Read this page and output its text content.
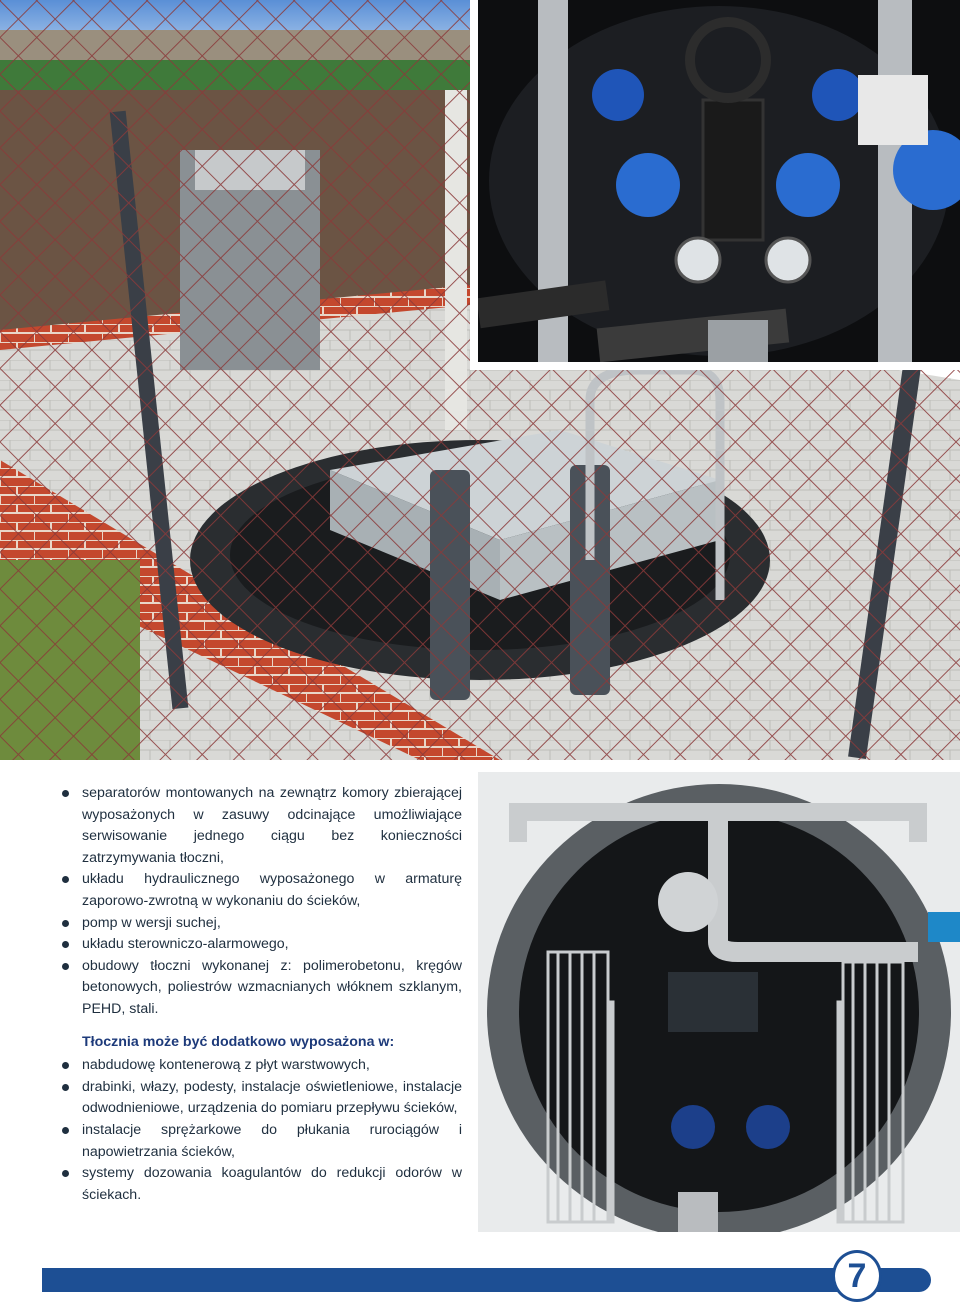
separatorów montowanych na zewnątrz komory zbierającej wyposażonych w zasuwy odcinające umożliwiające serwisowanie jednego ciągu bez konieczności zatrzymywania tłoczni,
układu hydraulicznego wyposażonego w armaturę zaporowo-zwrotną w wykonaniu do ścieków,
pomp w wersji suchej,
układu sterowniczo-alarmowego,
obudowy tłoczni wykonanej z: polimerobetonu, kręgów betonowych, poliestrów wzmacnianych włóknem szklanym, PEHD, stali.
Tłocznia może być dodatkowo wyposażona w:
nabdudowę kontenerową z płyt warstwowych,
drabinki, włazy, podesty, instalacje oświetleniowe, instalacje odwodnieniowe, urządzenia do pomiaru przepływu ścieków,
instalacje sprężarkowe do płukania rurociągów i napowietrzania ścieków,
systemy dozowania koagulantów do redukcji odorów w ściekach.
7
